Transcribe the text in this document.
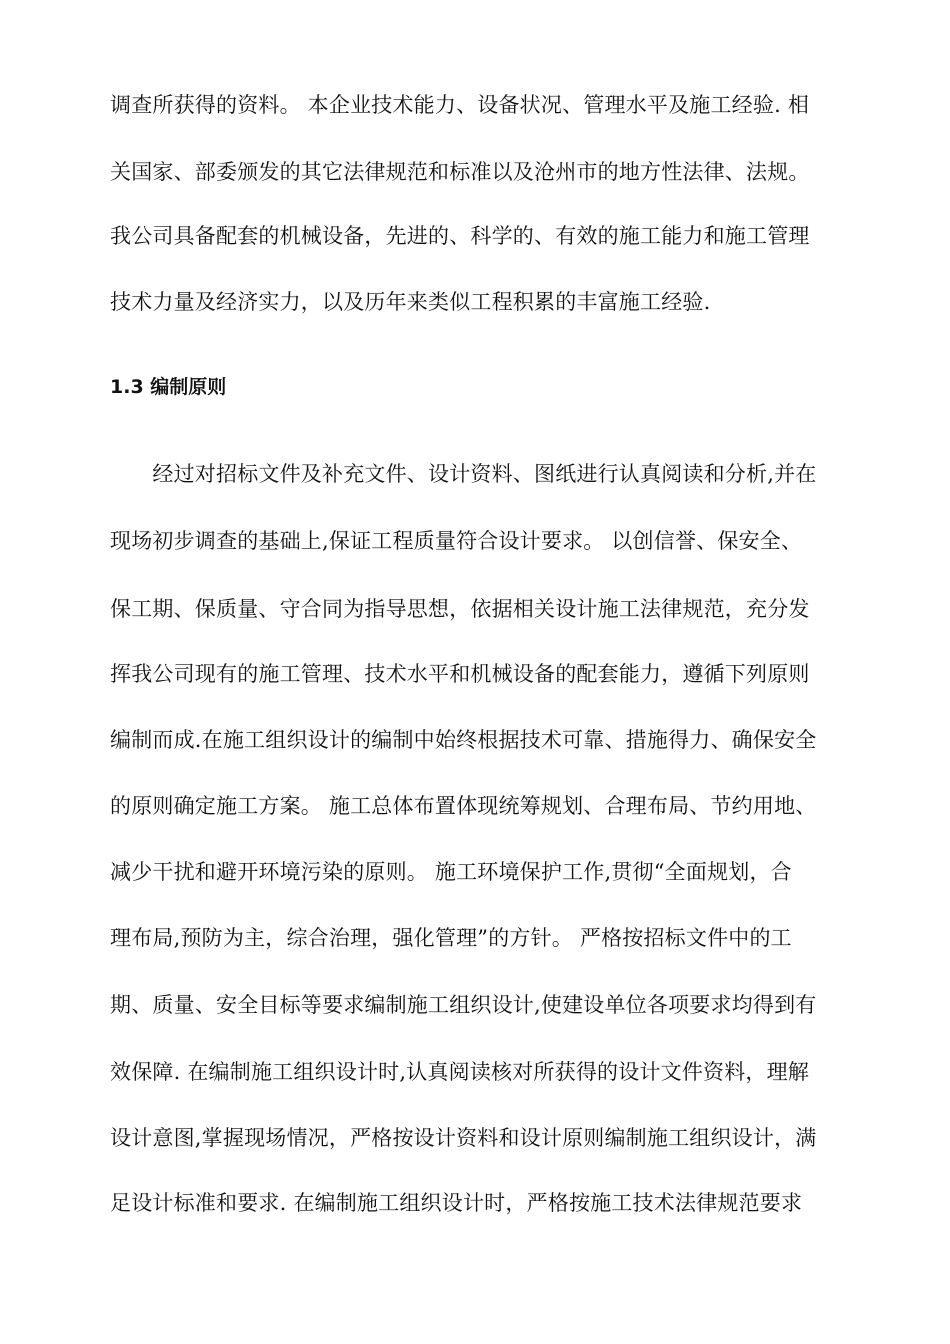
调查所获得的资料。 本企业技术能力、设备状况、管理水平及施工经验. 相
关国家、部委颁发的其它法律规范和标准以及沧州市的地方性法律、法规。
我公司具备配套的机械设备，先进的、科学的、有效的施工能力和施工管理
技术力量及经济实力，以及历年来类似工程积累的丰富施工经验.
1.3 编制原则
　　经过对招标文件及补充文件、设计资料、图纸进行认真阅读和分析,并在
现场初步调查的基础上,保证工程质量符合设计要求。 以创信誉、保安全、
保工期、保质量、守合同为指导思想，依据相关设计施工法律规范，充分发
挥我公司现有的施工管理、技术水平和机械设备的配套能力，遵循下列原则
编制而成.在施工组织设计的编制中始终根据技术可靠、措施得力、确保安全
的原则确定施工方案。 施工总体布置体现统筹规划、合理布局、节约用地、
减少干扰和避开环境污染的原则。 施工环境保护工作,贯彻“全面规划，合
理布局,预防为主，综合治理，强化管理”的方针。 严格按招标文件中的工
期、质量、安全目标等要求编制施工组织设计,使建设单位各项要求均得到有
效保障. 在编制施工组织设计时,认真阅读核对所获得的设计文件资料，理解
设计意图,掌握现场情况，严格按设计资料和设计原则编制施工组织设计，满
足设计标准和要求. 在编制施工组织设计时，严格按施工技术法律规范要求
